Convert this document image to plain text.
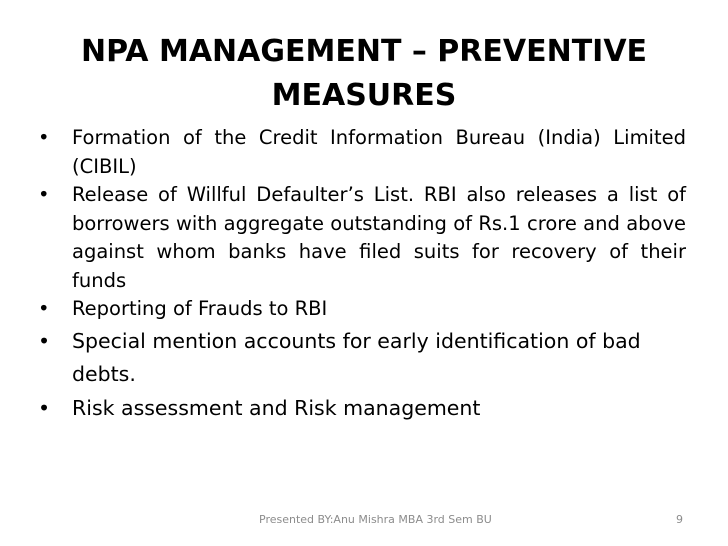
NPA MANAGEMENT – PREVENTIVE
MEASURES
• Formation of the Credit Information Bureau (India) Limited (CIBIL)
• Release of Willful Defaulter’s List. RBI also releases a list of borrowers with aggregate outstanding of Rs.1 crore and above against whom banks have filed suits for recovery of their funds
• Reporting of Frauds to RBI
• Special mention accounts for early identification of bad debts.
• Risk assessment and Risk management
Presented BY:Anu Mishra MBA 3rd Sem BU	9
